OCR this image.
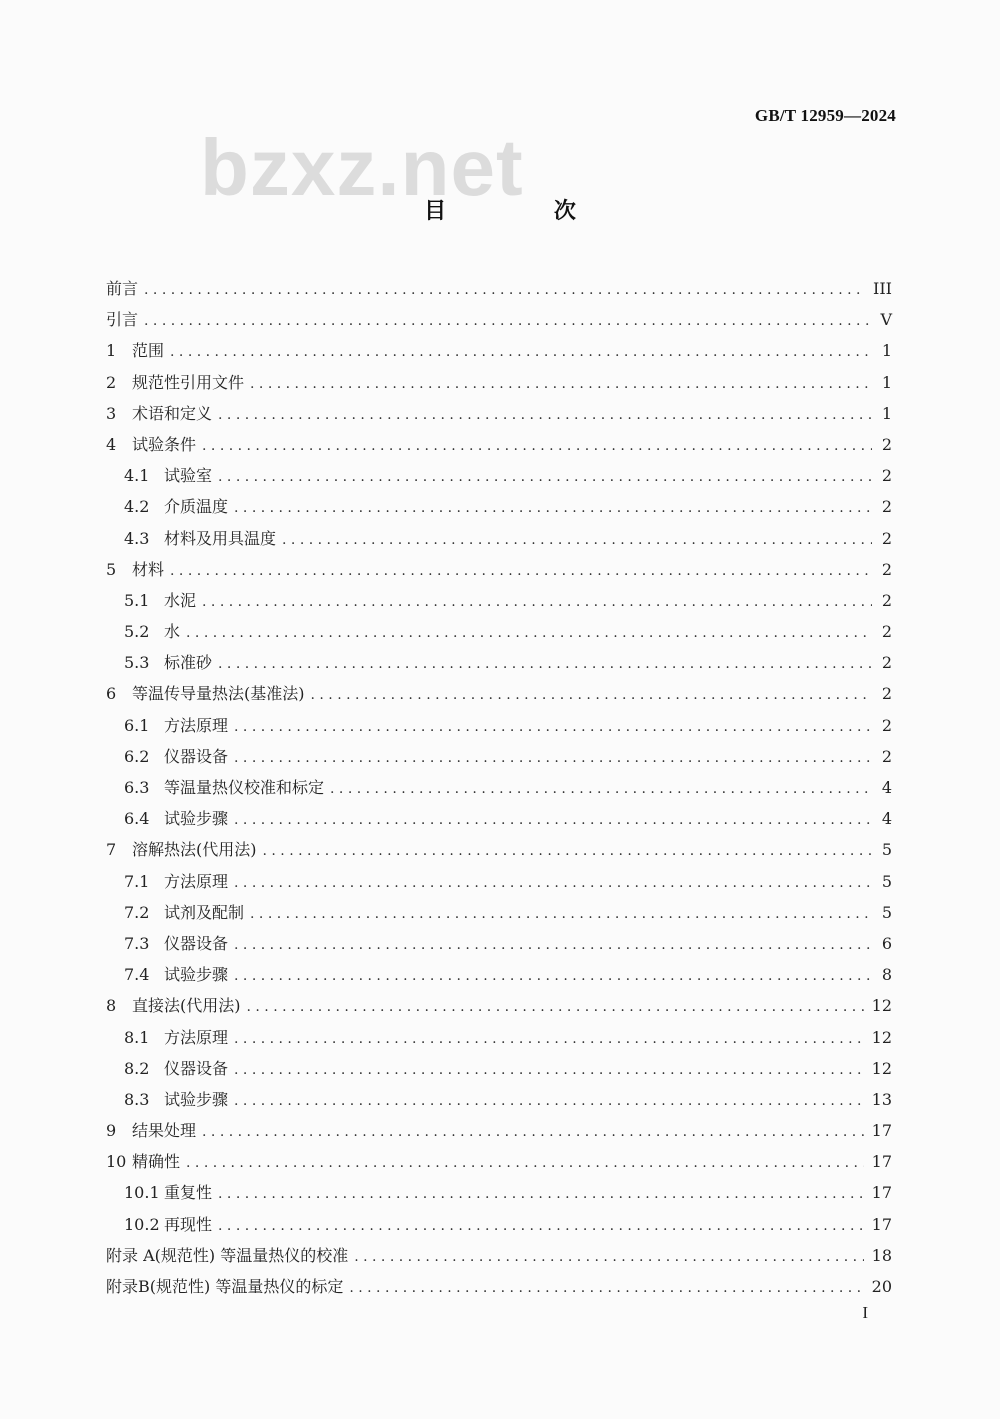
GB/T 12959—2024
bzxz.net
目 次
前言 . . .	III
引言 . . .	V
1 范围 . . .	1
2 规范性引用文件 . . .	1
3 术语和定义 . . .	1
4 试验条件 . . .	2
4.1 试验室 . . .	2
4.2 介质温度 . . .	2
4.3 材料及用具温度 . . .	2
5 材料 . . .	2
5.1 水泥 . . .	2
5.2 水 . . .	2
5.3 标准砂 . . .	2
6 等温传导量热法(基准法) . . .	2
6.1 方法原理 . . .	2
6.2 仪器设备 . . .	2
6.3 等温量热仪校准和标定 . . .	4
6.4 试验步骤 . . .	4
7 溶解热法(代用法) . . .	5
7.1 方法原理 . . .	5
7.2 试剂及配制 . . .	5
7.3 仪器设备 . . .	6
7.4 试验步骤 . . .	8
8 直接法(代用法) . . .	12
8.1 方法原理 . . .	12
8.2 仪器设备 . . .	12
8.3 试验步骤 . . .	13
9 结果处理 . . .	17
10 精确性 . . .	17
10.1 重复性 . . .	17
10.2 再现性 . . .	17
附录 A(规范性) 等温量热仪的校准 . . .	18
附录B(规范性) 等温量热仪的标定 . . .	20
I
